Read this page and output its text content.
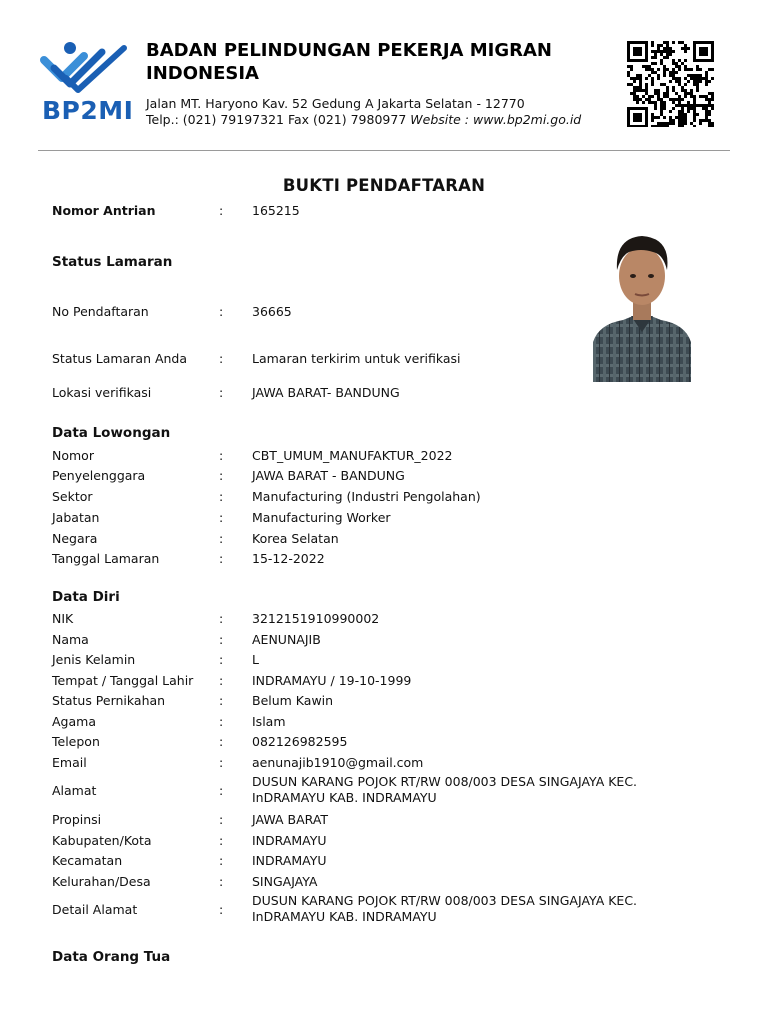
BP2MI
BADAN PELINDUNGAN PEKERJA MIGRAN INDONESIA
Jalan MT. Haryono Kav. 52 Gedung A Jakarta Selatan - 12770
Telp.: (021) 79197321 Fax (021) 7980977 Website : www.bp2mi.go.id
BUKTI PENDAFTARAN
Nomor Antrian	: 165215
Status Lamaran
No Pendaftaran	: 36665
Status Lamaran Anda	: Lamaran terkirim untuk verifikasi
Lokasi verifikasi	: JAWA BARAT- BANDUNG
Data Lowongan
Nomor	: CBT_UMUM_MANUFAKTUR_2022
Penyelenggara	: JAWA BARAT - BANDUNG
Sektor	: Manufacturing (Industri Pengolahan)
Jabatan	: Manufacturing Worker
Negara	: Korea Selatan
Tanggal Lamaran	: 15-12-2022
Data Diri
NIK	: 3212151910990002
Nama	: AENUNAJIB
Jenis Kelamin	: L
Tempat / Tanggal Lahir : INDRAMAYU / 19-10-1999
Status Pernikahan	: Belum Kawin
Agama	: Islam
Telepon	: 082126982595
Email	: aenunajib1910@gmail.com
Alamat	:
DUSUN KARANG POJOK RT/RW 008/003 DESA SINGAJAYA KEC. InDRAMAYU KAB. INDRAMAYU
Propinsi	: JAWA BARAT
Kabupaten/Kota	: INDRAMAYU
Kecamatan	: INDRAMAYU
Kelurahan/Desa	: SINGAJAYA
Detail Alamat	:
DUSUN KARANG POJOK RT/RW 008/003 DESA SINGAJAYA KEC. InDRAMAYU KAB. INDRAMAYU
Data Orang Tua
